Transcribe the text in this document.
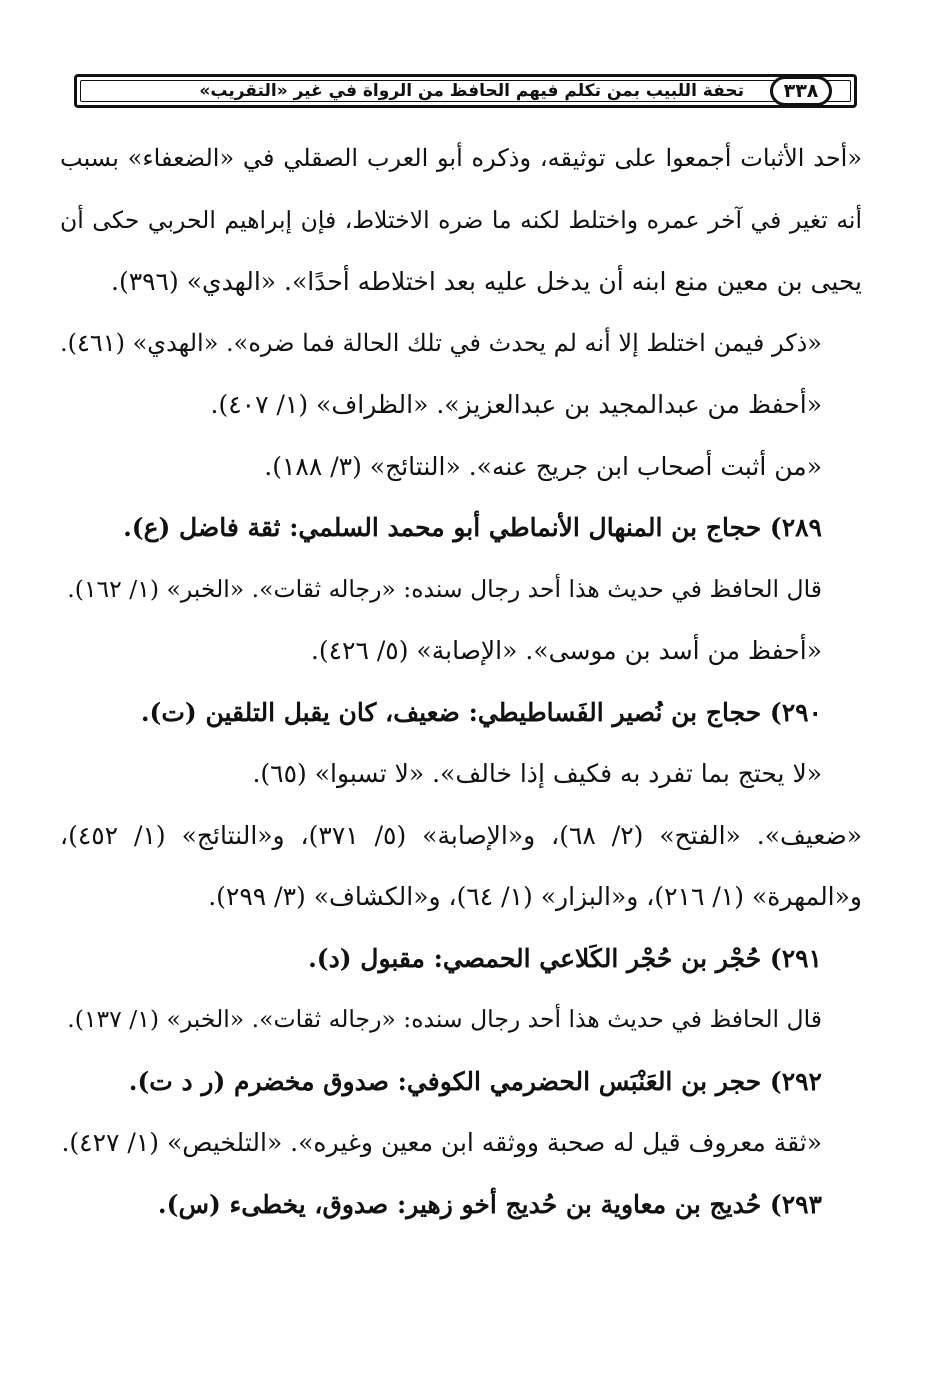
٣٣٨
تحفة اللبيب بمن تكلم فيهم الحافظ من الرواة في غير «التقريب»
«أحد الأثبات أجمعوا على توثيقه، وذكره أبو العرب الصقلي في «الضعفاء» بسبب
أنه تغير في آخر عمره واختلط لكنه ما ضره الاختلاط، فإن إبراهيم الحربي حكى أن
يحيى بن معين منع ابنه أن يدخل عليه بعد اختلاطه أحدًا». «الهدي» (٣٩٦).
«ذكر فيمن اختلط إلا أنه لم يحدث في تلك الحالة فما ضره». «الهدي» (٤٦١).
«أحفظ من عبدالمجيد بن عبدالعزيز». «الظراف» (١/ ٤٠٧).
«من أثبت أصحاب ابن جريج عنه». «النتائج» (٣/ ١٨٨).
٢٨٩) حجاج بن المنهال الأنماطي أبو محمد السلمي: ثقة فاضل (ع).
قال الحافظ في حديث هذا أحد رجال سنده: «رجاله ثقات». «الخبر» (١/ ١٦٢).
«أحفظ من أسد بن موسى». «الإصابة» (٥/ ٤٢٦).
٢٩٠) حجاج بن نُصير الفَساطيطي: ضعيف، كان يقبل التلقين (ت).
«لا يحتج بما تفرد به فكيف إذا خالف». «لا تسبوا» (٦٥).
«ضعيف». «الفتح» (٢/ ٦٨)، و«الإصابة» (٥/ ٣٧١)، و«النتائج» (١/ ٤٥٢)،
و«المهرة» (١/ ٢١٦)، و«البزار» (١/ ٦٤)، و«الكشاف» (٣/ ٢٩٩).
٢٩١) حُجْر بن حُجْر الكَلاعي الحمصي: مقبول (د).
قال الحافظ في حديث هذا أحد رجال سنده: «رجاله ثقات». «الخبر» (١/ ١٣٧).
٢٩٢) حجر بن العَنْبَس الحضرمي الكوفي: صدوق مخضرم (ر د ت).
«ثقة معروف قيل له صحبة ووثقه ابن معين وغيره». «التلخيص» (١/ ٤٢٧).
٢٩٣) حُديج بن معاوية بن حُديج أخو زهير: صدوق، يخطىء (س).
